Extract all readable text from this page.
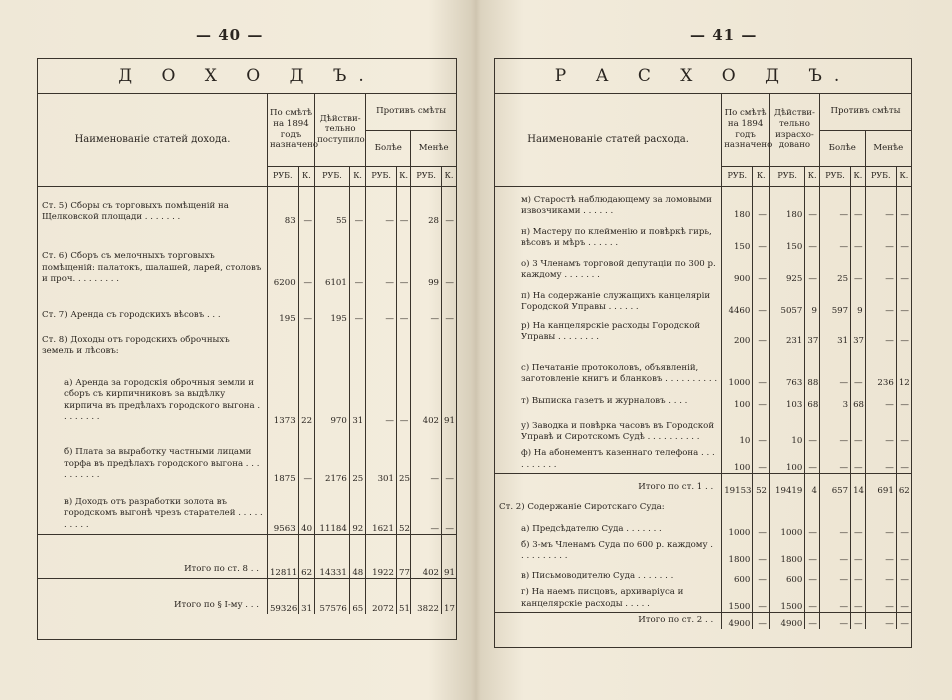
— 40 —	— 41 —
Д О Х О Д Ъ.
Наименованіе статей дохода.	По смѣтѣ на 1894 годъ назначено		Дѣйстви-тельно поступило		Противъ смѣты			
					Болѣе		Менѣе	
	РУБ.	К.	РУБ.	К.	РУБ.	К.	РУБ.	К.
Ст. 5) Сборы съ торговыхъ помѣщеній на Щелковской площади . . . . . . .	83	—	55	—	—	—	28	—
Ст. 6) Сборъ съ мелочныхъ торговыхъ помѣщеній: палатокъ, шалашей, ларей, столовъ и проч. . . . . . . . .	6200	—	6101	—	—	—	99	—
Ст. 7) Аренда съ городскихъ вѣсовъ . . .	195	—	195	—	—	—	—	—
Ст. 8) Доходы отъ городскихъ оброчныхъ земель и лѣсовъ:								
а) Аренда за городскія оброчныя земли и сборъ съ кирпичниковъ за выдѣлку кирпича въ предѣлахъ городского выгона . . . . . . . .	1373	22	970	31	—	—	402	91
б) Плата за выработку частными лицами торфа въ предѣлахъ городского выгона . . . . . . . . . .	1875	—	2176	25	301	25	—	—
в) Доходъ отъ разработки золота въ городскомъ выгонѣ чрезъ старателей . . . . . . . . . .	9563	40	11184	92	1621	52	—	—
Итого по ст. 8 . .	12811	62	14331	48	1922	77	402	91
Итого по § I-му . . .	59326	31	57576	65	2072	51	3822	17
Р А С Х О Д Ъ.
Наименованіе статей расхода.	По смѣтѣ на 1894 годъ назначено		Дѣйстви-тельно израсхо-довано		Противъ смѣты			
					Болѣе		Менѣе	
	РУБ.	К.	РУБ.	К.	РУБ.	К.	РУБ.	К.
м) Старостѣ наблюдающему за ломовыми извозчиками . . . . . .	180	—	180	—	—	—	—	—
н) Мастеру по клейменію и повѣркѣ гирь, вѣсовъ и мѣръ . . . . . .	150	—	150	—	—	—	—	—
о) 3 Членамъ торговой депутаціи по 300 р. каждому . . . . . . .	900	—	925	—	25	—	—	—
п) На содержаніе служащихъ канцеляріи Городской Управы . . . . . .	4460	—	5057	9	597	9	—	—
р) На канцелярскіе расходы Городской Управы . . . . . . . .	200	—	231	37	31	37	—	—
с) Печатаніе протоколовъ, объявленій, заготовленіе книгъ и бланковъ . . . . . . . . . .	1000	—	763	88	—	—	236	12
т) Выписка газетъ и журналовъ . . . .	100	—	103	68	3	68	—	—
у) Заводка и повѣрка часовъ въ Городской Управѣ и Сиротскомъ Судѣ . . . . . . . . . .	10	—	10	—	—	—	—	—
ф) На абонементъ казеннаго телефона . . . . . . . . . .	100	—	100	—	—	—	—	—
Итого по ст. 1 . .	19153	52	19419	4	657	14	691	62
Ст. 2) Содержаніе Сиротскаго Суда:								
а) Предсѣдателю Суда . . . . . . .	1000	—	1000	—	—	—	—	—
б) 3-мъ Членамъ Суда по 600 р. каждому . . . . . . . . . .	1800	—	1800	—	—	—	—	—
в) Письмоводителю Суда . . . . . . .	600	—	600	—	—	—	—	—
г) На наемъ писцовъ, архиваріуса и канцелярскіе расходы . . . . .	1500	—	1500	—	—	—	—	—
Итого по ст. 2 . .	4900	—	4900	—	—	—	—	—
